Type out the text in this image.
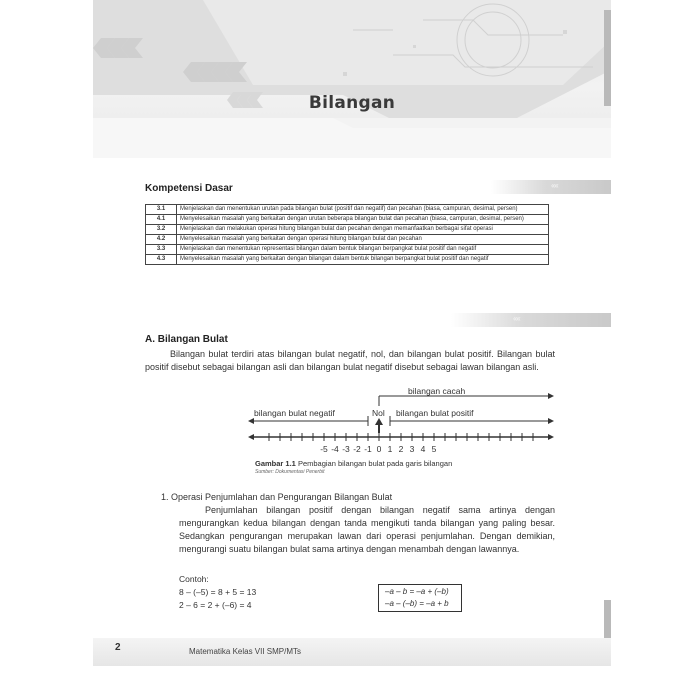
Bilangan
‹‹‹‹
Kompetensi Dasar
3.1	Menjelaskan dan menentukan urutan pada bilangan bulat (positif dan negatif) dan pecahan (biasa, campuran, desimal, persen)
4.1	Menyelesaikan masalah yang berkaitan dengan urutan beberapa bilangan bulat dan pecahan (biasa, campuran, desimal, persen)
3.2	Menjelaskan dan melakukan operasi hitung bilangan bulat dan pecahan dengan memanfaatkan berbagai sifat operasi
4.2	Menyelesaikan masalah yang berkaitan dengan operasi hitung bilangan bulat dan pecahan
3.3	Menjelaskan dan menentukan representasi bilangan dalam bentuk bilangan berpangkat bulat positif dan negatif
4.3	Menyelesaikan masalah yang berkaitan dengan bilangan dalam bentuk bilangan berpangkat bulat positif dan negatif
‹‹‹‹
A. Bilangan Bulat
Bilangan bulat terdiri atas bilangan bulat negatif, nol, dan bilangan bulat positif. Bilangan bulat positif disebut sebagai bilangan asli dan bilangan bulat negatif disebut sebagai lawan bilangan asli.
bilangan cacah
bilangan bulat negatif	Nol bilangan bulat positif
-5 -4 -3 -2 -1 0 1 2 3 4 5
Gambar 1.1 Pembagian bilangan bulat pada garis bilangan
Sumber: Dokumentasi Penerbit
1. Operasi Penjumlahan dan Pengurangan Bilangan Bulat
Penjumlahan bilangan positif dengan bilangan negatif sama artinya dengan mengurangkan kedua bilangan dengan tanda mengikuti tanda bilangan yang paling besar. Sedangkan pengurangan merupakan lawan dari operasi penjumlahan. Dengan demikian, mengurangi suatu bilangan bulat sama artinya dengan menambah dengan lawannya.
Contoh:
8 – (–5) = 8 + 5 = 13
2 – 6 = 2 + (–6) = 4
–a – b = –a + (–b)
–a – (–b) = –a + b
2	Matematika Kelas VII SMP/MTs
